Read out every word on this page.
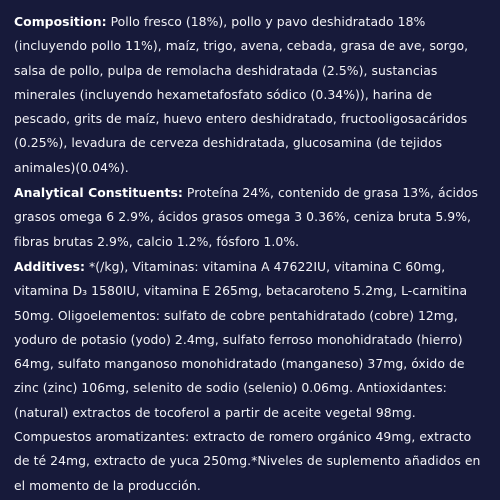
Composition: Pollo fresco (18%), pollo y pavo deshidratado 18% (incluyendo pollo 11%), maíz, trigo, avena, cebada, grasa de ave, sorgo, salsa de pollo, pulpa de remolacha deshidratada (2.5%), sustancias minerales (incluyendo hexametafosfato sódico (0.34%)), harina de pescado, grits de maíz, huevo entero deshidratado, fructooligosacáridos (0.25%), levadura de cerveza deshidratada, glucosamina (de tejidos animales)(0.04%).

Analytical Constituents: Proteína 24%, contenido de grasa 13%, ácidos grasos omega 6 2.9%, ácidos grasos omega 3 0.36%, ceniza bruta 5.9%, fibras brutas 2.9%, calcio 1.2%, fósforo 1.0%.

Additives: *(/kg), Vitaminas: vitamina A 47622IU, vitamina C 60mg, vitamina D₃ 1580IU, vitamina E 265mg, betacaroteno 5.2mg, L-carnitina 50mg. Oligoelementos: sulfato de cobre pentahidratado (cobre) 12mg, yoduro de potasio (yodo) 2.4mg, sulfato ferroso monohidratado (hierro) 64mg, sulfato manganoso monohidratado (manganeso) 37mg, óxido de zinc (zinc) 106mg, selenito de sodio (selenio) 0.06mg. Antioxidantes: (natural) extractos de tocoferol a partir de aceite vegetal 98mg. Compuestos aromatizantes: extracto de romero orgánico 49mg, extracto de té 24mg, extracto de yuca 250mg.*Niveles de suplemento añadidos en el momento de la producción.
